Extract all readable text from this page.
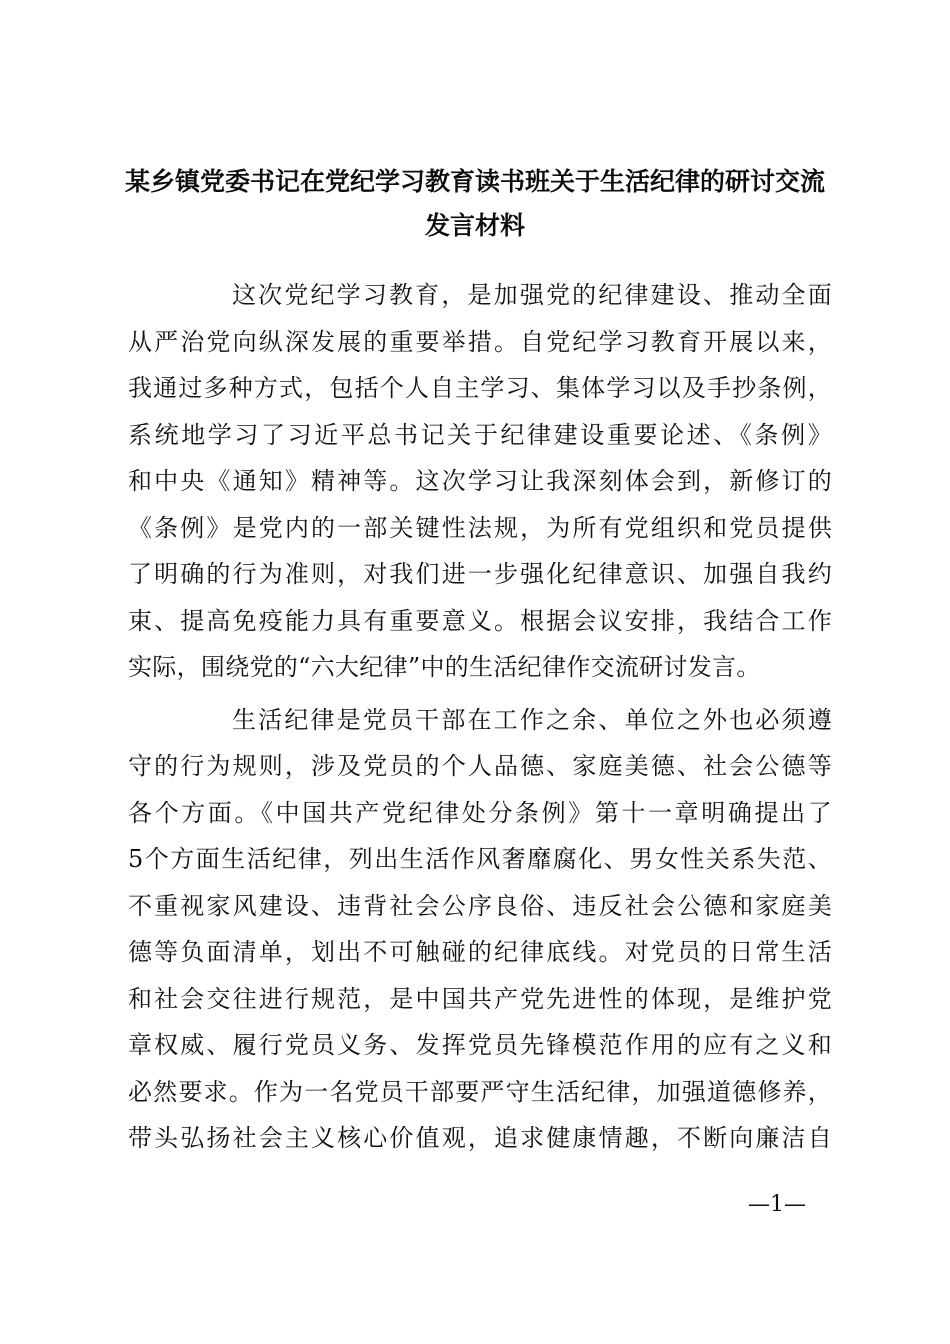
某乡镇党委书记在党纪学习教育读书班关于生活纪律的研讨交流
发言材料
这次党纪学习教育，是加强党的纪律建设、推动全面
从严治党向纵深发展的重要举措。自党纪学习教育开展以来，
我通过多种方式，包括个人自主学习、集体学习以及手抄条例，
系统地学习了习近平总书记关于纪律建设重要论述、《条例》
和中央《通知》精神等。这次学习让我深刻体会到，新修订的
《条例》是党内的一部关键性法规，为所有党组织和党员提供
了明确的行为准则，对我们进一步强化纪律意识、加强自我约
束、提高免疫能力具有重要意义。根据会议安排，我结合工作
实际，围绕党的“六大纪律”中的生活纪律作交流研讨发言。
生活纪律是党员干部在工作之余、单位之外也必须遵
守的行为规则，涉及党员的个人品德、家庭美德、社会公德等
各个方面。《中国共产党纪律处分条例》第十一章明确提出了
5个方面生活纪律，列出生活作风奢靡腐化、男女性关系失范、
不重视家风建设、违背社会公序良俗、违反社会公德和家庭美
德等负面清单，划出不可触碰的纪律底线。对党员的日常生活
和社会交往进行规范，是中国共产党先进性的体现，是维护党
章权威、履行党员义务、发挥党员先锋模范作用的应有之义和
必然要求。作为一名党员干部要严守生活纪律，加强道德修养，
带头弘扬社会主义核心价值观，追求健康情趣，不断向廉洁自
—1—
